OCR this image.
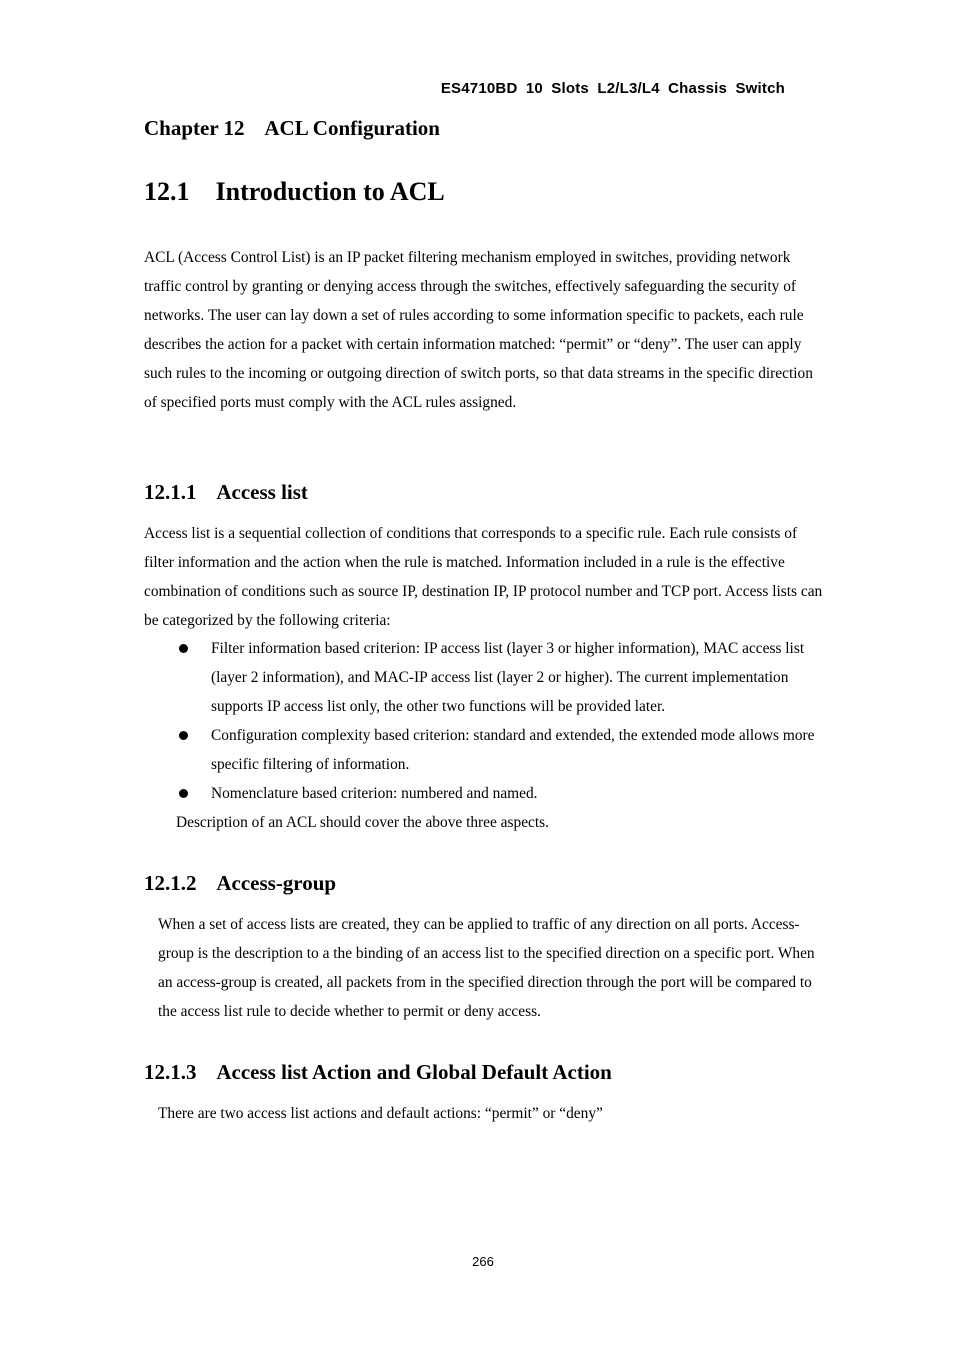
ES4710BD 10 Slots L2/L3/L4 Chassis Switch
Chapter 12    ACL Configuration
12.1    Introduction to ACL

ACL (Access Control List) is an IP packet filtering mechanism employed in switches, providing network traffic control by granting or denying access through the switches, effectively safeguarding the security of networks. The user can lay down a set of rules according to some information specific to packets, each rule describes the action for a packet with certain information matched: “permit” or “deny”. The user can apply such rules to the incoming or outgoing direction of switch ports, so that data streams in the specific direction of specified ports must comply with the ACL rules assigned.

12.1.1    Access list

Access list is a sequential collection of conditions that corresponds to a specific rule. Each rule consists of filter information and the action when the rule is matched. Information included in a rule is the effective combination of conditions such as source IP, destination IP, IP protocol number and TCP port. Access lists can be categorized by the following criteria:

Filter information based criterion: IP access list (layer 3 or higher information), MAC access list (layer 2 information), and MAC-IP access list (layer 2 or higher). The current implementation supports IP access list only, the other two functions will be provided later.
Configuration complexity based criterion: standard and extended, the extended mode allows more specific filtering of information.
Nomenclature based criterion: numbered and named.

Description of an ACL should cover the above three aspects.

12.1.2    Access-group

When a set of access lists are created, they can be applied to traffic of any direction on all ports. Access-group is the description to a the binding of an access list to the specified direction on a specific port. When an access-group is created, all packets from in the specified direction through the port will be compared to the access list rule to decide whether to permit or deny access.

12.1.3    Access list Action and Global Default Action

There are two access list actions and default actions: “permit” or “deny”

266
